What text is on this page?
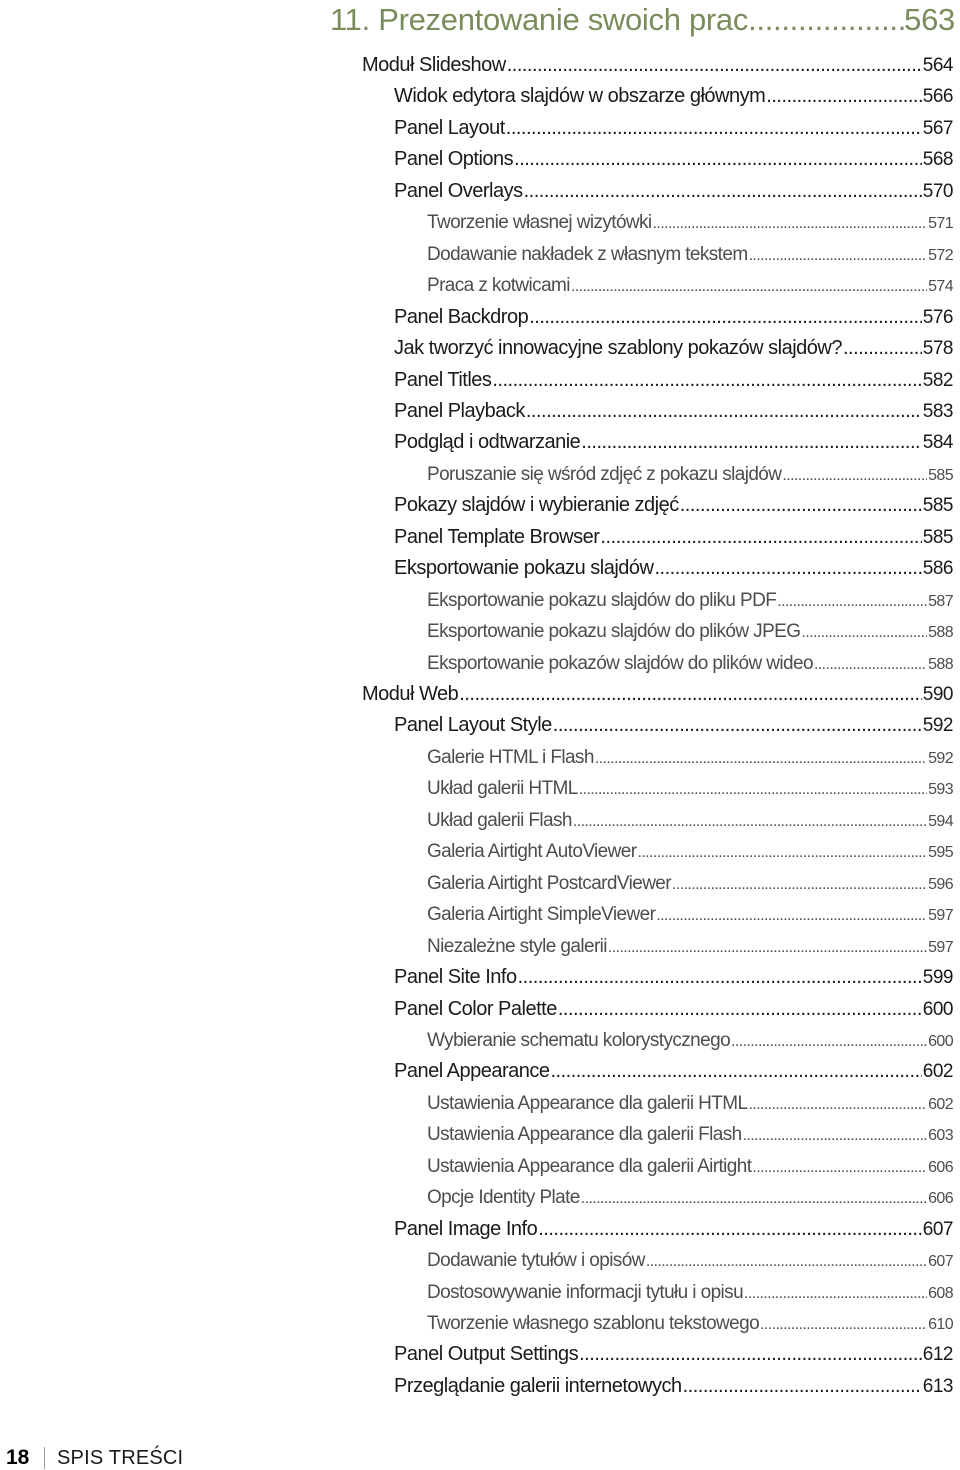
11. Prezentowanie swoich prac .....	563
Moduł Slideshow .....	564
Widok edytora slajdów w obszarze głównym .....	566
Panel Layout .....	567
Panel Options .....	568
Panel Overlays .....	570
Tworzenie własnej wizytówki .....	571
Dodawanie nakładek z własnym tekstem .....	572
Praca z kotwicami .....	574
Panel Backdrop .....	576
Jak tworzyć innowacyjne szablony pokazów slajdów? .....	578
Panel Titles .....	582
Panel Playback .....	583
Podgląd i odtwarzanie .....	584
Poruszanie się wśród zdjęć z pokazu slajdów .....	585
Pokazy slajdów i wybieranie zdjęć .....	585
Panel Template Browser .....	585
Eksportowanie pokazu slajdów .....	586
Eksportowanie pokazu slajdów do pliku PDF .....	587
Eksportowanie pokazu slajdów do plików JPEG .....	588
Eksportowanie pokazów slajdów do plików wideo .....	588
Moduł Web .....	590
Panel Layout Style .....	592
Galerie HTML i Flash .....	592
Układ galerii HTML .....	593
Układ galerii Flash .....	594
Galeria Airtight AutoViewer .....	595
Galeria Airtight PostcardViewer .....	596
Galeria Airtight SimpleViewer .....	597
Niezależne style galerii .....	597
Panel Site Info .....	599
Panel Color Palette .....	600
Wybieranie schematu kolorystycznego .....	600
Panel Appearance .....	602
Ustawienia Appearance dla galerii HTML .....	602
Ustawienia Appearance dla galerii Flash .....	603
Ustawienia Appearance dla galerii Airtight .....	606
Opcje Identity Plate .....	606
Panel Image Info .....	607
Dodawanie tytułów i opisów .....	607
Dostosowywanie informacji tytułu i opisu .....	608
Tworzenie własnego szablonu tekstowego .....	610
Panel Output Settings .....	612
Przeglądanie galerii internetowych .....	613
18 SPIS TREŚCI
